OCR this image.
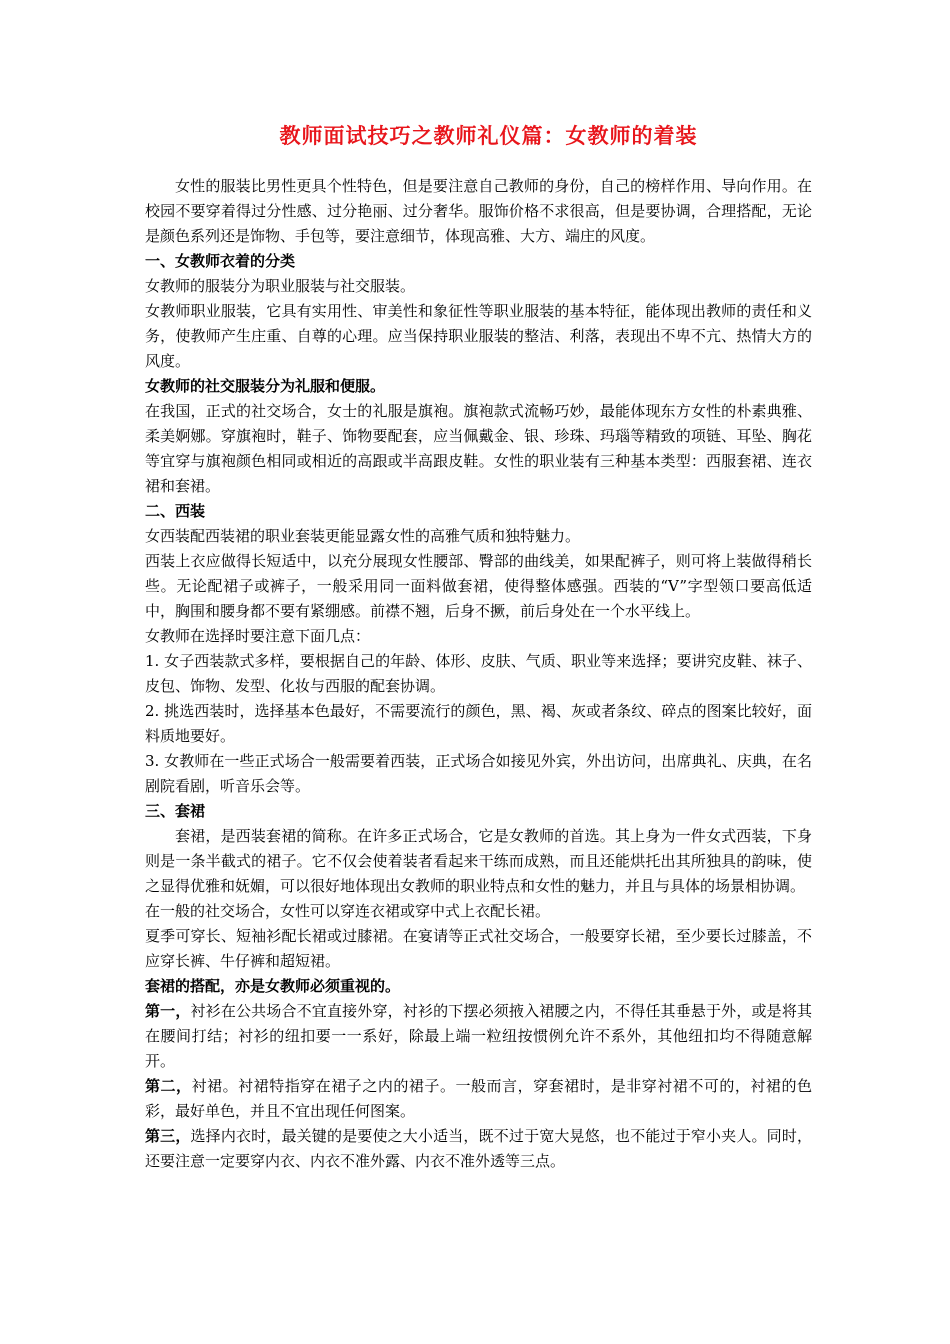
教师面试技巧之教师礼仪篇：女教师的着装

女性的服装比男性更具个性特色，但是要注意自己教师的身份，自己的榜样作用、导向作用。在校园不要穿着得过分性感、过分艳丽、过分奢华。服饰价格不求很高，但是要协调，合理搭配，无论是颜色系列还是饰物、手包等，要注意细节，体现高雅、大方、端庄的风度。

一、女教师衣着的分类

女教师的服装分为职业服装与社交服装。

女教师职业服装，它具有实用性、审美性和象征性等职业服装的基本特征，能体现出教师的责任和义务，使教师产生庄重、自尊的心理。应当保持职业服装的整洁、利落，表现出不卑不亢、热情大方的风度。

女教师的社交服装分为礼服和便服。

在我国，正式的社交场合，女士的礼服是旗袍。旗袍款式流畅巧妙，最能体现东方女性的朴素典雅、柔美婀娜。穿旗袍时，鞋子、饰物要配套，应当佩戴金、银、珍珠、玛瑙等精致的项链、耳坠、胸花等宜穿与旗袍颜色相同或相近的高跟或半高跟皮鞋。女性的职业装有三种基本类型：西服套裙、连衣裙和套裙。

二、西装

女西装配西装裙的职业套装更能显露女性的高雅气质和独特魅力。

西装上衣应做得长短适中，以充分展现女性腰部、臀部的曲线美，如果配裤子，则可将上装做得稍长些。无论配裙子或裤子，一般采用同一面料做套裙，使得整体感强。西装的“V”字型领口要高低适中，胸围和腰身都不要有紧绷感。前襟不翘，后身不撅，前后身处在一个水平线上。

女教师在选择时要注意下面几点：

1. 女子西装款式多样，要根据自己的年龄、体形、皮肤、气质、职业等来选择；要讲究皮鞋、袜子、皮包、饰物、发型、化妆与西服的配套协调。

2. 挑选西装时，选择基本色最好，不需要流行的颜色，黑、褐、灰或者条纹、碎点的图案比较好，面料质地要好。

3. 女教师在一些正式场合一般需要着西装，正式场合如接见外宾，外出访问，出席典礼、庆典，在名剧院看剧，听音乐会等。

三、套裙

套裙，是西装套裙的简称。在许多正式场合，它是女教师的首选。其上身为一件女式西装，下身则是一条半截式的裙子。它不仅会使着装者看起来干练而成熟，而且还能烘托出其所独具的韵味，使之显得优雅和妩媚，可以很好地体现出女教师的职业特点和女性的魅力，并且与具体的场景相协调。

在一般的社交场合，女性可以穿连衣裙或穿中式上衣配长裙。

夏季可穿长、短袖衫配长裙或过膝裙。在宴请等正式社交场合，一般要穿长裙，至少要长过膝盖，不应穿长裤、牛仔裤和超短裙。

套裙的搭配，亦是女教师必须重视的。

第一，衬衫在公共场合不宜直接外穿，衬衫的下摆必须掖入裙腰之内，不得任其垂悬于外，或是将其在腰间打结；衬衫的纽扣要一一系好，除最上端一粒纽按惯例允许不系外，其他纽扣均不得随意解开。

第二，衬裙。衬裙特指穿在裙子之内的裙子。一般而言，穿套裙时，是非穿衬裙不可的，衬裙的色彩，最好单色，并且不宜出现任何图案。

第三，选择内衣时，最关键的是要使之大小适当，既不过于宽大晃悠，也不能过于窄小夹人。同时，还要注意一定要穿内衣、内衣不准外露、内衣不准外透等三点。
